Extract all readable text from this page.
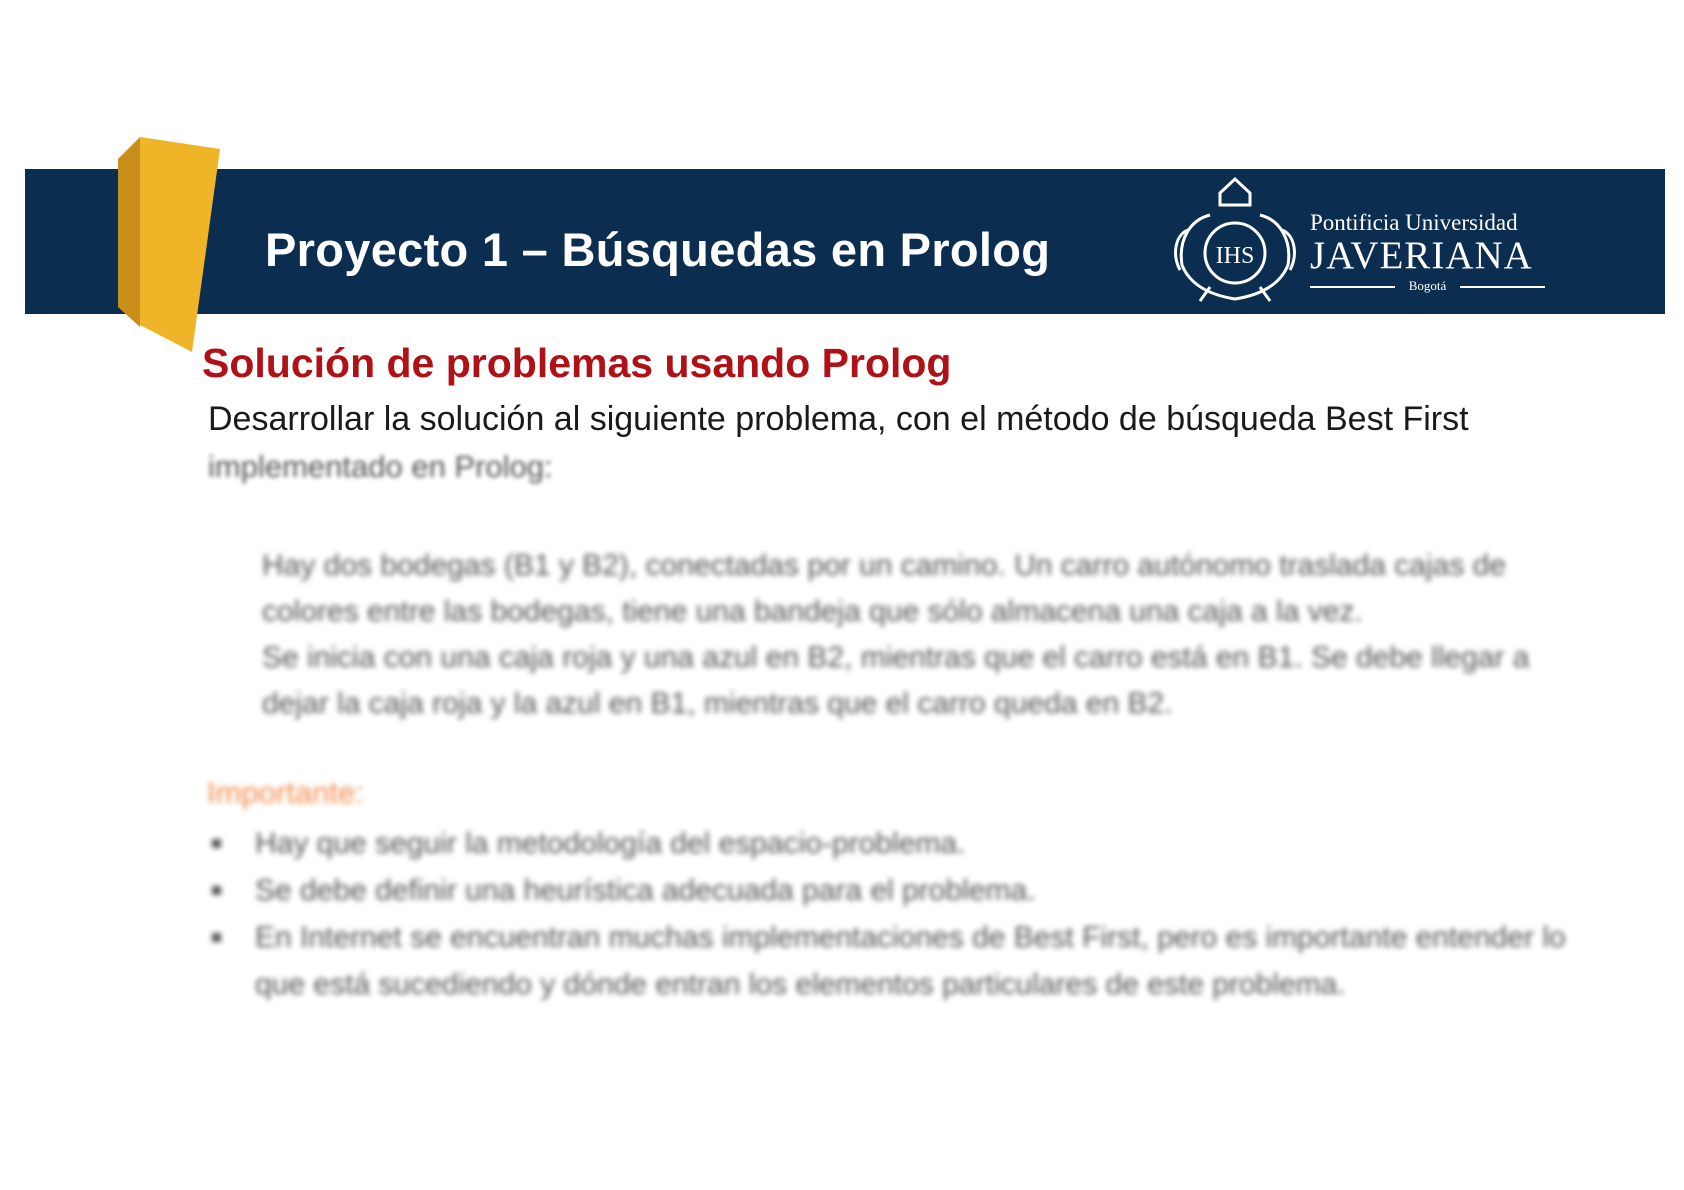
Proyecto 1 – Búsquedas en Prolog	IHS
Pontificia Universidad
JAVERIANA
Bogotá
Solución de problemas usando Prolog
Desarrollar la solución al siguiente problema, con el método de búsqueda Best First
implementado en Prolog:

Hay dos bodegas (B1 y B2), conectadas por un camino. Un carro autónomo traslada cajas de colores entre las bodegas, tiene una bandeja que sólo almacena una caja a la vez.

Se inicia con una caja roja y una azul en B2, mientras que el carro está en B1. Se debe llegar a dejar la caja roja y la azul en B1, mientras que el carro queda en B2.

Importante:
Hay que seguir la metodología del espacio-problema.
Se debe definir una heurística adecuada para el problema.
En Internet se encuentran muchas implementaciones de Best First, pero es importante entender lo que está sucediendo y dónde entran los elementos particulares de este problema.
